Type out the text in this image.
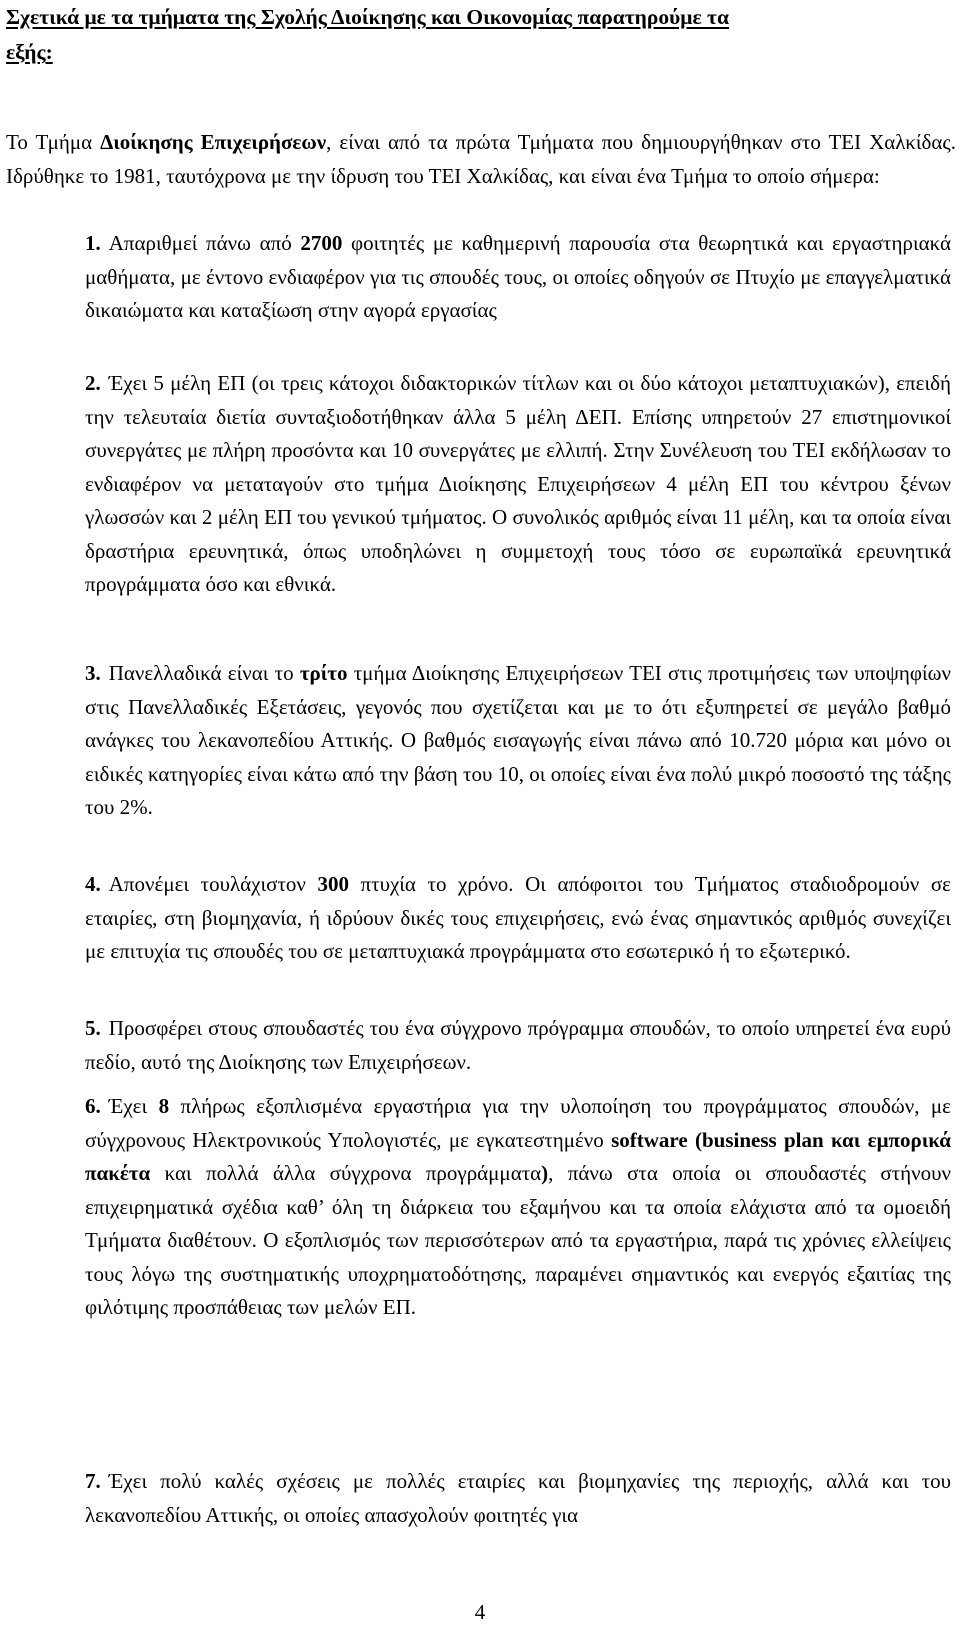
Σχετικά με τα τμήματα της Σχολής Διοίκησης και Οικονομίας παρατηρούμε τα
εξής:

Το Τμήμα Διοίκησης Επιχειρήσεων, είναι από τα πρώτα Τμήματα που δημιουργήθηκαν στο ΤΕΙ Χαλκίδας. Ιδρύθηκε το 1981, ταυτόχρονα με την ίδρυση του ΤΕΙ Χαλκίδας, και είναι ένα Τμήμα το οποίο σήμερα:

1. Απαριθμεί πάνω από 2700 φοιτητές με καθημερινή παρουσία στα θεωρητικά και εργαστηριακά μαθήματα, με έντονο ενδιαφέρον για τις σπουδές τους, οι οποίες οδηγούν σε Πτυχίο με επαγγελματικά δικαιώματα και καταξίωση στην αγορά εργασίας

2. Έχει 5 μέλη ΕΠ (οι τρεις κάτοχοι διδακτορικών τίτλων και οι δύο κάτοχοι μεταπτυχιακών), επειδή την τελευταία διετία συνταξιοδοτήθηκαν άλλα 5 μέλη ΔΕΠ. Επίσης υπηρετούν 27 επιστημονικοί συνεργάτες με πλήρη προσόντα και 10 συνεργάτες με ελλιπή. Στην Συνέλευση του ΤΕΙ εκδήλωσαν το ενδιαφέρον να μεταταγούν στο τμήμα Διοίκησης Επιχειρήσεων 4 μέλη ΕΠ του κέντρου ξένων γλωσσών και 2 μέλη ΕΠ του γενικού τμήματος. Ο συνολικός αριθμός είναι 11 μέλη, και τα οποία είναι δραστήρια ερευνητικά, όπως υποδηλώνει η συμμετοχή τους τόσο σε ευρωπαϊκά ερευνητικά προγράμματα όσο και εθνικά.

3. Πανελλαδικά είναι το τρίτο τμήμα Διοίκησης Επιχειρήσεων ΤΕΙ στις προτιμήσεις των υποψηφίων στις Πανελλαδικές Εξετάσεις, γεγονός που σχετίζεται και με το ότι εξυπηρετεί σε μεγάλο βαθμό ανάγκες του λεκανοπεδίου Αττικής. Ο βαθμός εισαγωγής είναι πάνω από 10.720 μόρια και μόνο οι ειδικές κατηγορίες είναι κάτω από την βάση του 10, οι οποίες είναι ένα πολύ μικρό ποσοστό της τάξης του 2%.

4. Απονέμει τουλάχιστον 300 πτυχία το χρόνο. Οι απόφοιτοι του Τμήματος σταδιοδρομούν σε εταιρίες, στη βιομηχανία, ή ιδρύουν δικές τους επιχειρήσεις, ενώ ένας σημαντικός αριθμός συνεχίζει με επιτυχία τις σπουδές του σε μεταπτυχιακά προγράμματα στο εσωτερικό ή το εξωτερικό.

5. Προσφέρει στους σπουδαστές του ένα σύγχρονο πρόγραμμα σπουδών, το οποίο υπηρετεί ένα ευρύ πεδίο, αυτό της Διοίκησης των Επιχειρήσεων.

6. Έχει 8 πλήρως εξοπλισμένα εργαστήρια για την υλοποίηση του προγράμματος σπουδών, με σύγχρονους Ηλεκτρονικούς Υπολογιστές, με εγκατεστημένο software (business plan και εμπορικά πακέτα και πολλά άλλα σύγχρονα προγράμματα), πάνω στα οποία οι σπουδαστές στήνουν επιχειρηματικά σχέδια καθ’ όλη τη διάρκεια του εξαμήνου και τα οποία ελάχιστα από τα ομοειδή Τμήματα διαθέτουν. Ο εξοπλισμός των περισσότερων από τα εργαστήρια, παρά τις χρόνιες ελλείψεις τους λόγω της συστηματικής υποχρηματοδότησης, παραμένει σημαντικός και ενεργός εξαιτίας της φιλότιμης προσπάθειας των μελών ΕΠ.

7. Έχει πολύ καλές σχέσεις με πολλές εταιρίες και βιομηχανίες της περιοχής, αλλά και του λεκανοπεδίου Αττικής, οι οποίες απασχολούν φοιτητές για

4
